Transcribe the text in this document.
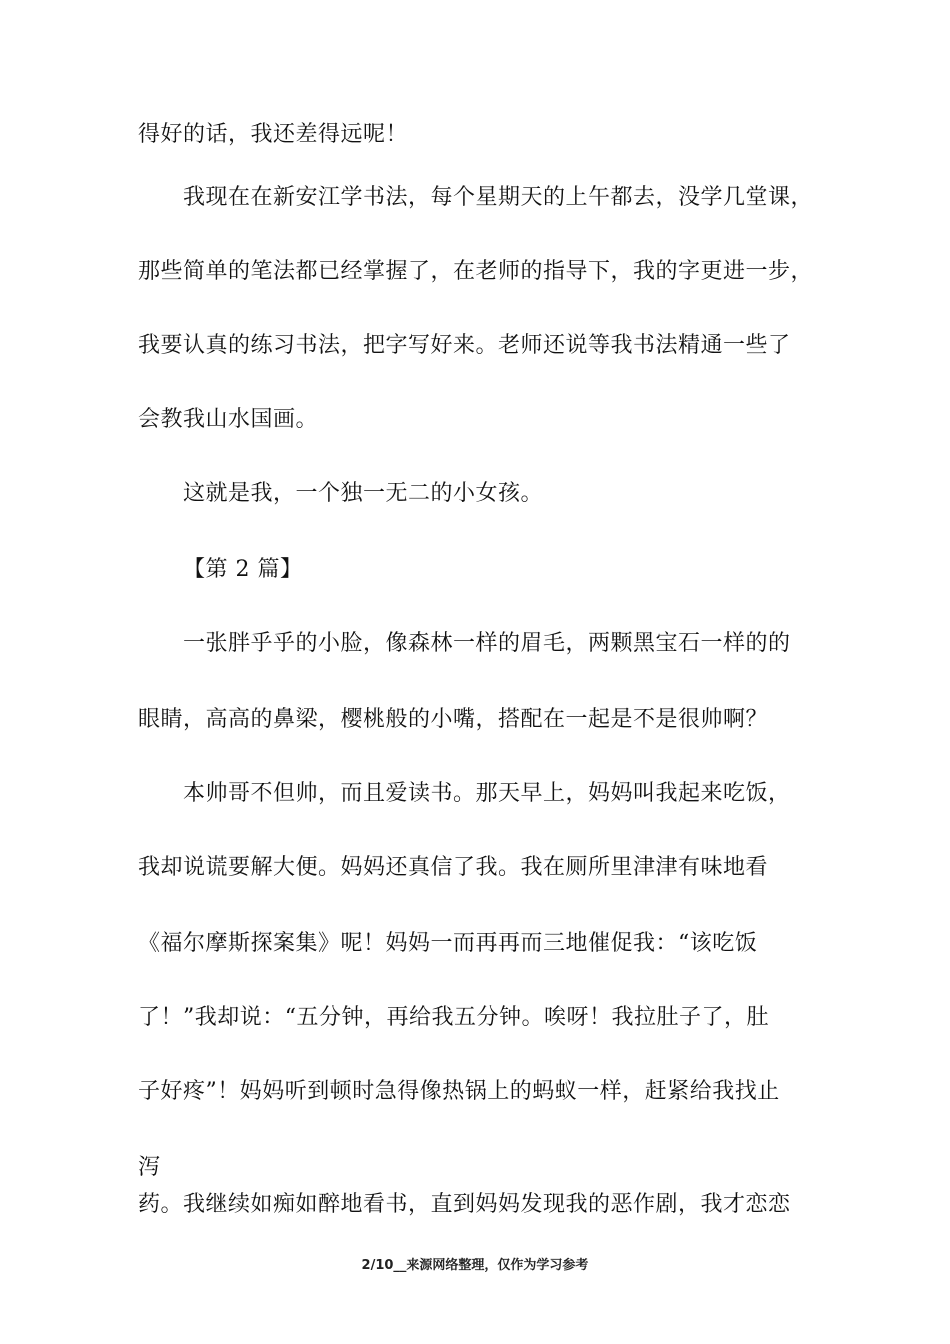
得好的话，我还差得远呢！
我现在在新安江学书法，每个星期天的上午都去，没学几堂课，
那些简单的笔法都已经掌握了，在老师的指导下，我的字更进一步，
我要认真的练习书法，把字写好来。老师还说等我书法精通一些了
会教我山水国画。
这就是我，一个独一无二的小女孩。
【第 2 篇】
一张胖乎乎的小脸，像森林一样的眉毛，两颗黑宝石一样的的
眼睛，高高的鼻梁，樱桃般的小嘴，搭配在一起是不是很帅啊？
本帅哥不但帅，而且爱读书。那天早上，妈妈叫我起来吃饭，
我却说谎要解大便。妈妈还真信了我。我在厕所里津津有味地看
《福尔摩斯探案集》呢！妈妈一而再再而三地催促我：“该吃饭
了！”我却说：“五分钟，再给我五分钟。唉呀！我拉肚子了，肚
子好疼”！妈妈听到顿时急得像热锅上的蚂蚁一样，赶紧给我找止
泻
药。我继续如痴如醉地看书，直到妈妈发现我的恶作剧，我才恋恋
2/10__来源网络整理，仅作为学习参考
